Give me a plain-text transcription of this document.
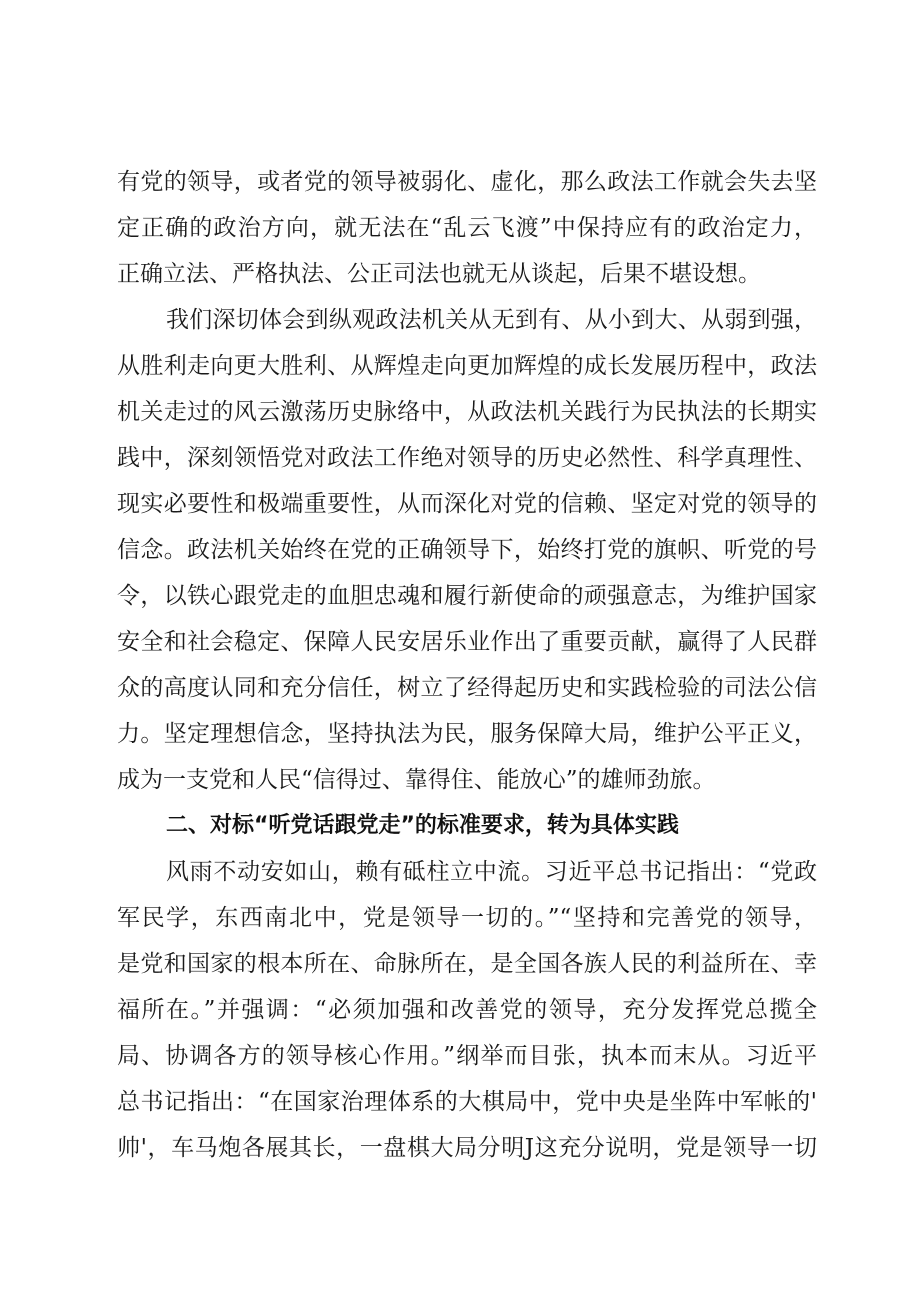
有党的领导，或者党的领导被弱化、虚化，那么政法工作就会失去坚
定正确的政治方向，就无法在“乱云飞渡”中保持应有的政治定力，
正确立法、严格执法、公正司法也就无从谈起，后果不堪设想。
我们深切体会到纵观政法机关从无到有、从小到大、从弱到强，
从胜利走向更大胜利、从辉煌走向更加辉煌的成长发展历程中，政法
机关走过的风云激荡历史脉络中，从政法机关践行为民执法的长期实
践中，深刻领悟党对政法工作绝对领导的历史必然性、科学真理性、
现实必要性和极端重要性，从而深化对党的信赖、坚定对党的领导的
信念。政法机关始终在党的正确领导下，始终打党的旗帜、听党的号
令，以铁心跟党走的血胆忠魂和履行新使命的顽强意志，为维护国家
安全和社会稳定、保障人民安居乐业作出了重要贡献，赢得了人民群
众的高度认同和充分信任，树立了经得起历史和实践检验的司法公信
力。坚定理想信念，坚持执法为民，服务保障大局，维护公平正义，
成为一支党和人民“信得过、靠得住、能放心”的雄师劲旅。
二、对标“听党话跟党走”的标准要求，转为具体实践
风雨不动安如山，赖有砥柱立中流。习近平总书记指出：“党政
军民学，东西南北中，党是领导一切的。”“坚持和完善党的领导，
是党和国家的根本所在、命脉所在，是全国各族人民的利益所在、幸
福所在。”并强调：“必须加强和改善党的领导，充分发挥党总揽全
局、协调各方的领导核心作用。”纲举而目张，执本而末从。习近平
总书记指出：“在国家治理体系的大棋局中，党中央是坐阵中军帐的'
帅'，车马炮各展其长，一盘棋大局分明J这充分说明，党是领导一切
